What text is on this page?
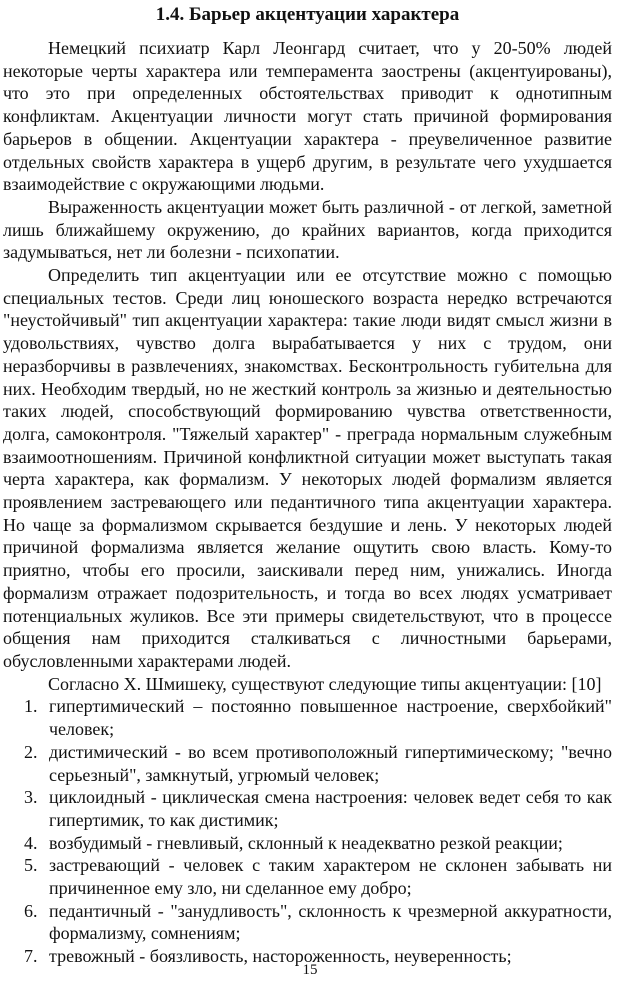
1.4. Барьер акцентуации характера

Немецкий психиатр Карл Леонгард считает, что у 20-50% людей некоторые черты характера или темперамента заострены (акцентуированы), что это при определенных обстоятельствах приводит к однотипным конфликтам. Акцентуации личности могут стать причиной формирования барьеров в общении. Акцентуации характера - преувеличенное развитие отдельных свойств характера в ущерб другим, в результате чего ухудшается взаимодействие с окружающими людьми.

Выраженность акцентуации может быть различной - от легкой, заметной лишь ближайшему окружению, до крайних вариантов, когда приходится задумываться, нет ли болезни - психопатии.

Определить тип акцентуации или ее отсутствие можно с помощью специальных тестов. Среди лиц юношеского возраста нередко встречаются "неустойчивый" тип акцентуации характера: такие люди видят смысл жизни в удовольствиях, чувство долга вырабатывается у них с трудом, они неразборчивы в развлечениях, знакомствах. Бесконтрольность губительна для них. Необходим твердый, но не жесткий контроль за жизнью и деятельностью таких людей, способствующий формированию чувства ответственности, долга, самоконтроля. "Тяжелый характер" - преграда нормальным служебным взаимоотношениям. Причиной конфликтной ситуации может выступать такая черта характера, как формализм. У некоторых людей формализм является проявлением застревающего или педантичного типа акцентуации характера. Но чаще за формализмом скрывается бездушие и лень. У некоторых людей причиной формализма является желание ощутить свою власть. Кому-то приятно, чтобы его просили, заискивали перед ним, унижались. Иногда формализм отражает подозрительность, и тогда во всех людях усматривает потенциальных жуликов. Все эти примеры свидетельствуют, что в процессе общения нам приходится сталкиваться с личностными барьерами, обусловленными характерами людей.

Согласно Х. Шмишеку, существуют следующие типы акцентуации: [10]

1. гипертимический – постоянно повышенное настроение, сверхбойкий" человек;
2. дистимический - во всем противоположный гипертимическому; "вечно серьезный", замкнутый, угрюмый человек;
3. циклоидный - циклическая смена настроения: человек ведет себя то как гипертимик, то как дистимик;
4. возбудимый - гневливый, склонный к неадекватно резкой реакции;
5. застревающий - человек с таким характером не склонен забывать ни причиненное ему зло, ни сделанное ему добро;
6. педантичный - "занудливость", склонность к чрезмерной аккуратности, формализму, сомнениям;
7. тревожный - боязливость, настороженность, неуверенность;
15
